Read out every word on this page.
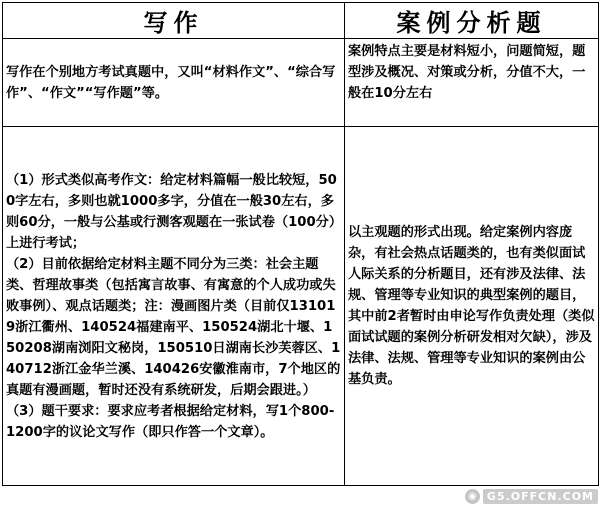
写作	案例分析题

写作在个别地方考试真题中，又叫“材料作文”、“综合写作”、“作文”“写作题”等。	案例特点主要是材料短小，问题简短，题型涉及概况、对策或分析，分值不大，一般在10分左右

（1）形式类似高考作文：给定材料篇幅一般比较短，500字左右，多则也就1000多字，分值在一般30左右，多则60分，一般与公基或行测客观题在一张试卷（100分）上进行考试；
（2）目前依据给定材料主题不同分为三类：社会主题类、哲理故事类（包括寓言故事、有寓意的个人成功或失败事例）、观点话题类；注：漫画图片类（目前仅131019浙江衢州、140524福建南平、150524湖北十堰、150208湖南浏阳文秘岗，150510日湖南长沙芙蓉区、140712浙江金华兰溪、140426安徽淮南市，7个地区的真题有漫画题，暂时还没有系统研发，后期会跟进。）
（3）题干要求：要求应考者根据给定材料，写1个800-1200字的议论文写作（即只作答一个文章）。	以主观题的形式出现。给定案例内容庞杂，有社会热点话题类的，也有类似面试人际关系的分析题目，还有涉及法律、法规、管理等专业知识的典型案例的题目，其中前2者暂时由申论写作负责处理（类似面试试题的案例分析研发相对欠缺），涉及法律、法规、管理等专业知识的案例由公基负责。
◉ G5.OFFCN.COM
